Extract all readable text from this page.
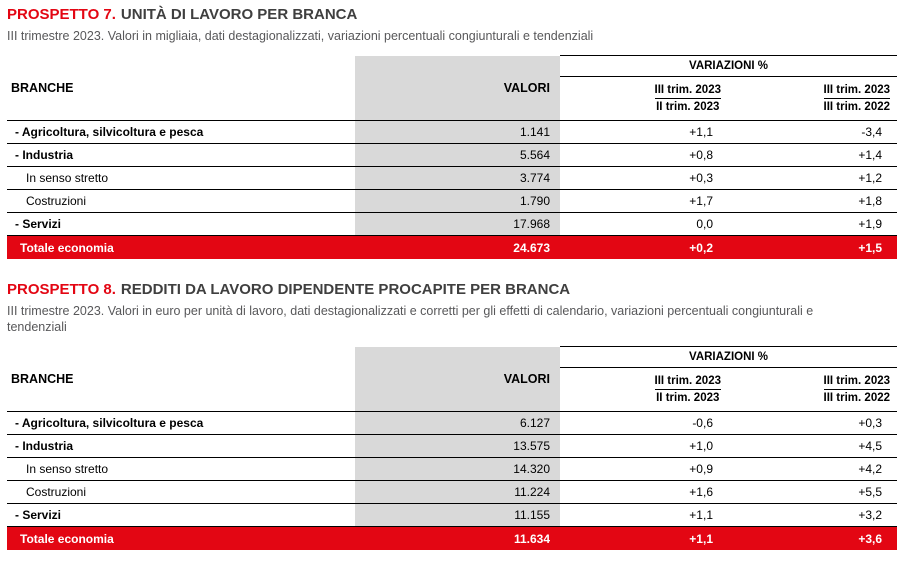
PROSPETTO 7. UNITÀ DI LAVORO PER BRANCA

III trimestre 2023. Valori in migliaia, dati destagionalizzati, variazioni percentuali congiunturali e tendenziali

BRANCHE	VALORI	VARIAZIONI %	

$\frac{\text{III trim. 2023}}{\text{II trim. 2023}}$	$\frac{\text{III trim. 2023}}{\text{III trim. 2022}}$

- Agricoltura, silvicoltura e pesca	1.141	+1,1	-3,4
- Industria	5.564	+0,8	+1,4
In senso stretto	3.774	+0,3	+1,2
Costruzioni	1.790	+1,7	+1,8
- Servizi	17.968	0,0	+1,9
Totale economia	24.673	+0,2	+1,5
PROSPETTO 8. REDDITI DA LAVORO DIPENDENTE PROCAPITE PER BRANCA

III trimestre 2023. Valori in euro per unità di lavoro, dati destagionalizzati e corretti per gli effetti di calendario, variazioni percentuali congiunturali e tendenziali

BRANCHE	VALORI	VARIAZIONI %	

$\frac{\text{III trim. 2023}}{\text{II trim. 2023}}$	$\frac{\text{III trim. 2023}}{\text{III trim. 2022}}$

- Agricoltura, silvicoltura e pesca	6.127	-0,6	+0,3
- Industria	13.575	+1,0	+4,5
In senso stretto	14.320	+0,9	+4,2
Costruzioni	11.224	+1,6	+5,5
- Servizi	11.155	+1,1	+3,2
Totale economia	11.634	+1,1	+3,6
